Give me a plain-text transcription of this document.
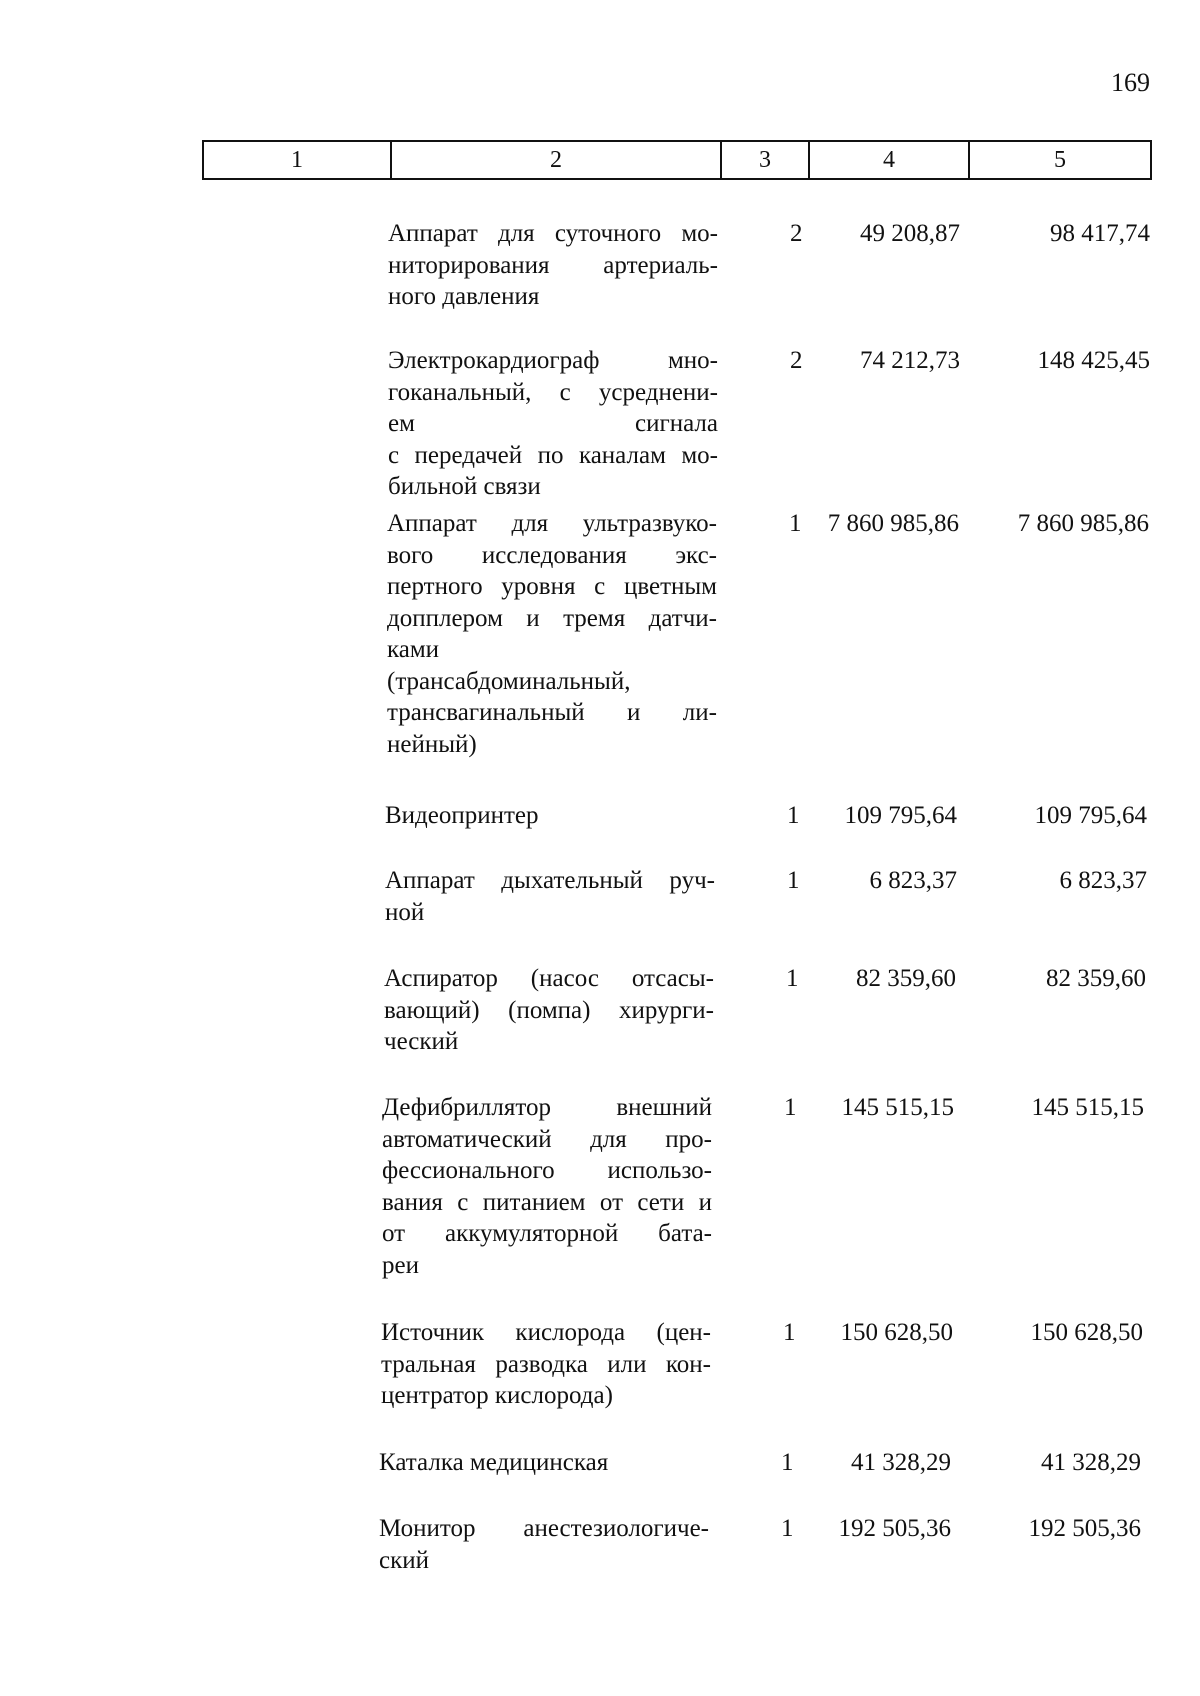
169
1	2	3	4	5
Аппарат для суточного мо-
ниторирования артериаль-
ного давления
2	49 208,87	98 417,74
Электрокардиограф мно-
гоканальный, с усреднени-
ем сигнала
с передачей по каналам мо-
бильной связи
2	74 212,73	148 425,45
Аппарат для ультразвуко-
вого исследования экс-
пертного уровня с цветным
допплером и тремя датчи-
ками
(трансабдоминальный,
трансвагинальный и ли-
нейный)
1	7 860 985,86	7 860 985,86
Видеопринтер	1	109 795,64	109 795,64
Аппарат дыхательный руч-
ной
1	6 823,37	6 823,37
Аспиратор (насос отсасы-
вающий) (помпа) хирурги-
ческий
1	82 359,60	82 359,60
Дефибриллятор внешний
автоматический для про-
фессионального использо-
вания с питанием от сети и
от аккумуляторной бата-
реи
1	145 515,15	145 515,15
Источник кислорода (цен-
тральная разводка или кон-
центратор кислорода)
1	150 628,50	150 628,50
Каталка медицинская	1	41 328,29	41 328,29
Монитор анестезиологиче-
ский
1	192 505,36	192 505,36
